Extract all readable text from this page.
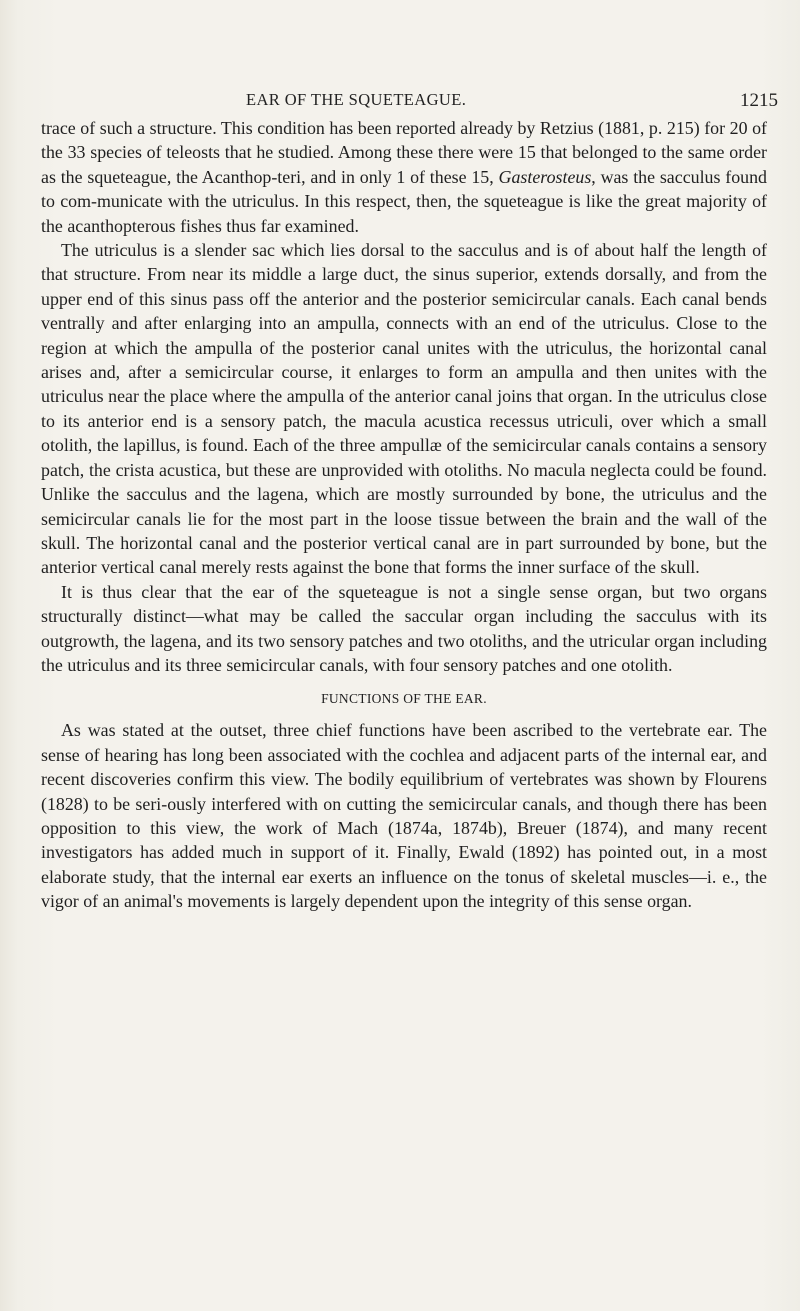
EAR OF THE SQUETEAGUE.	1215

trace of such a structure. This condition has been reported already by Retzius (1881, p. 215) for 20 of the 33 species of teleosts that he studied. Among these there were 15 that belonged to the same order as the squeteague, the Acanthop-teri, and in only 1 of these 15, Gasterosteus, was the sacculus found to com-municate with the utriculus. In this respect, then, the squeteague is like the great majority of the acanthopterous fishes thus far examined.

The utriculus is a slender sac which lies dorsal to the sacculus and is of about half the length of that structure. From near its middle a large duct, the sinus superior, extends dorsally, and from the upper end of this sinus pass off the anterior and the posterior semicircular canals. Each canal bends ventrally and after enlarging into an ampulla, connects with an end of the utriculus. Close to the region at which the ampulla of the posterior canal unites with the utriculus, the horizontal canal arises and, after a semicircular course, it enlarges to form an ampulla and then unites with the utriculus near the place where the ampulla of the anterior canal joins that organ. In the utriculus close to its anterior end is a sensory patch, the macula acustica recessus utriculi, over which a small otolith, the lapillus, is found. Each of the three ampullæ of the semicircular canals contains a sensory patch, the crista acustica, but these are unprovided with otoliths. No macula neglecta could be found. Unlike the sacculus and the lagena, which are mostly surrounded by bone, the utriculus and the semicircular canals lie for the most part in the loose tissue between the brain and the wall of the skull. The horizontal canal and the posterior vertical canal are in part surrounded by bone, but the anterior vertical canal merely rests against the bone that forms the inner surface of the skull.

It is thus clear that the ear of the squeteague is not a single sense organ, but two organs structurally distinct—what may be called the saccular organ including the sacculus with its outgrowth, the lagena, and its two sensory patches and two otoliths, and the utricular organ including the utriculus and its three semicircular canals, with four sensory patches and one otolith.

FUNCTIONS OF THE EAR.

As was stated at the outset, three chief functions have been ascribed to the vertebrate ear. The sense of hearing has long been associated with the cochlea and adjacent parts of the internal ear, and recent discoveries confirm this view. The bodily equilibrium of vertebrates was shown by Flourens (1828) to be seri-ously interfered with on cutting the semicircular canals, and though there has been opposition to this view, the work of Mach (1874a, 1874b), Breuer (1874), and many recent investigators has added much in support of it. Finally, Ewald (1892) has pointed out, in a most elaborate study, that the internal ear exerts an influence on the tonus of skeletal muscles—i. e., the vigor of an animal's movements is largely dependent upon the integrity of this sense organ.
